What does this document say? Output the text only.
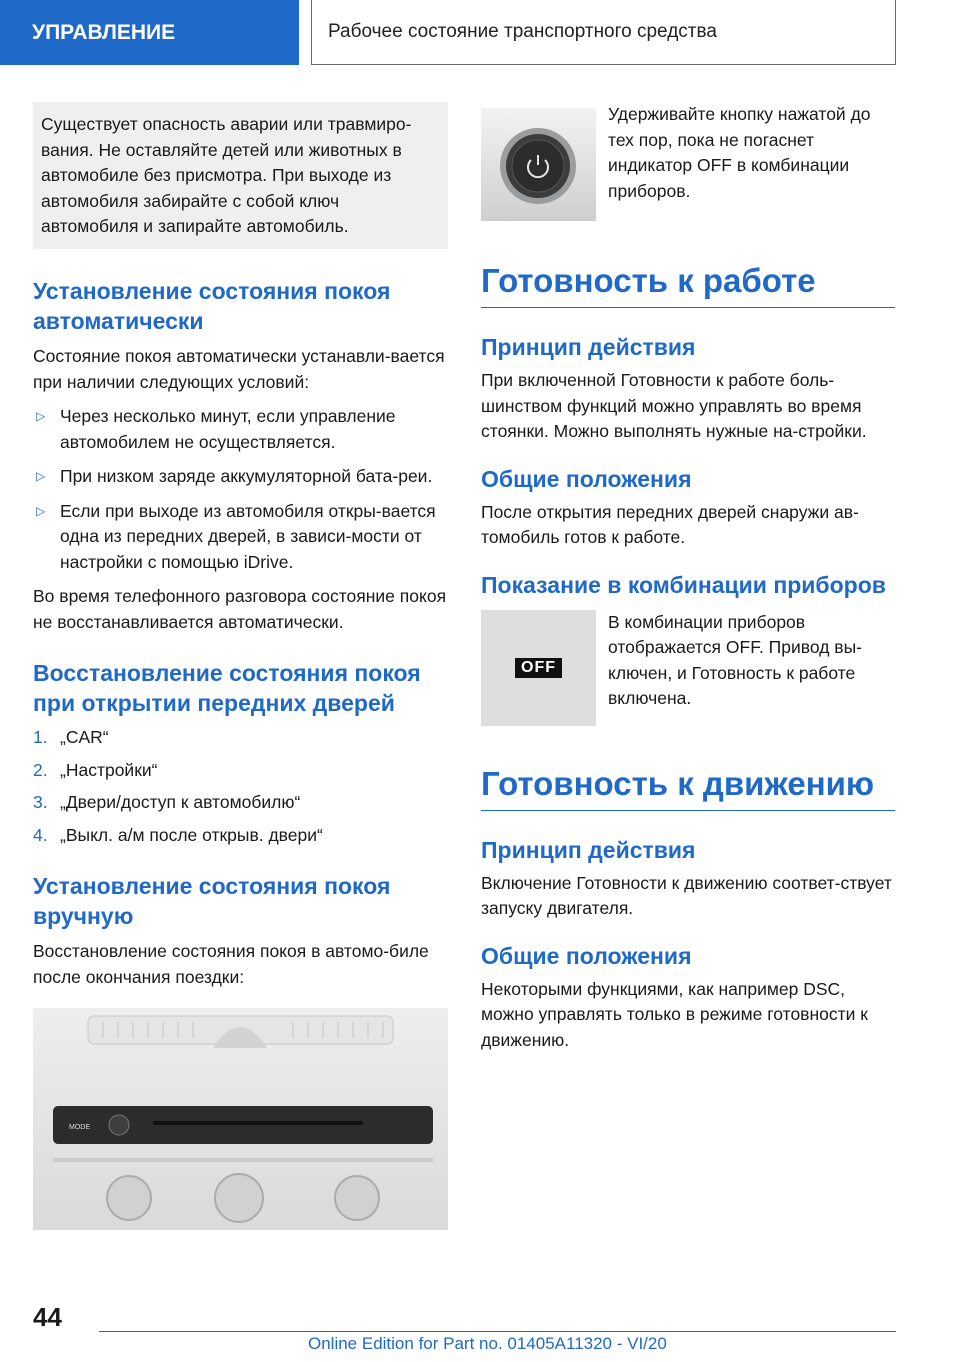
УПРАВЛЕНИЕ	Рабочее состояние транспортного средства

Существует опасность аварии или травмиро-вания. Не оставляйте детей или животных в автомобиле без присмотра. При выходе из автомобиля забирайте с собой ключ автомобиля и запирайте автомобиль.

Установление состояния покоя автоматически

Состояние покоя автоматически устанавли-вается при наличии следующих условий:

▷ Через несколько минут, если управление автомобилем не осуществляется.
▷ При низком заряде аккумуляторной бата-реи.
▷ Если при выходе из автомобиля откры-вается одна из передних дверей, в зависи-мости от настройки с помощью iDrive.

Во время телефонного разговора состояние покоя не восстанавливается автоматически.

Восстановление состояния покоя при открытии передних дверей
1. „CAR“
2. „Настройки“
3. „Двери/доступ к автомобилю“
4. „Выкл. а/м после открыв. двери“
Установление состояния покоя вручную

Восстановление состояния покоя в автомо-биле после окончания поездки:

MODE

Удерживайте кнопку нажатой до тех пор, пока не погаснет индикатор OFF в комбинации приборов.

Готовность к работе
Принцип действия

При включенной Готовности к работе боль-шинством функций можно управлять во время стоянки. Можно выполнять нужные на-стройки.

Общие положения

После открытия передних дверей снаружи ав-томобиль готов к работе.

Показание в комбинации приборов
OFF

В комбинации приборов отображается OFF. Привод вы-ключен, и Готовность к работе включена.

Готовность к движению
Принцип действия

Включение Готовности к движению соответ-ствует запуску двигателя.

Общие положения

Некоторыми функциями, как например DSC, можно управлять только в режиме готовности к движению.

44
Online Edition for Part no. 01405A11320 - VI/20
